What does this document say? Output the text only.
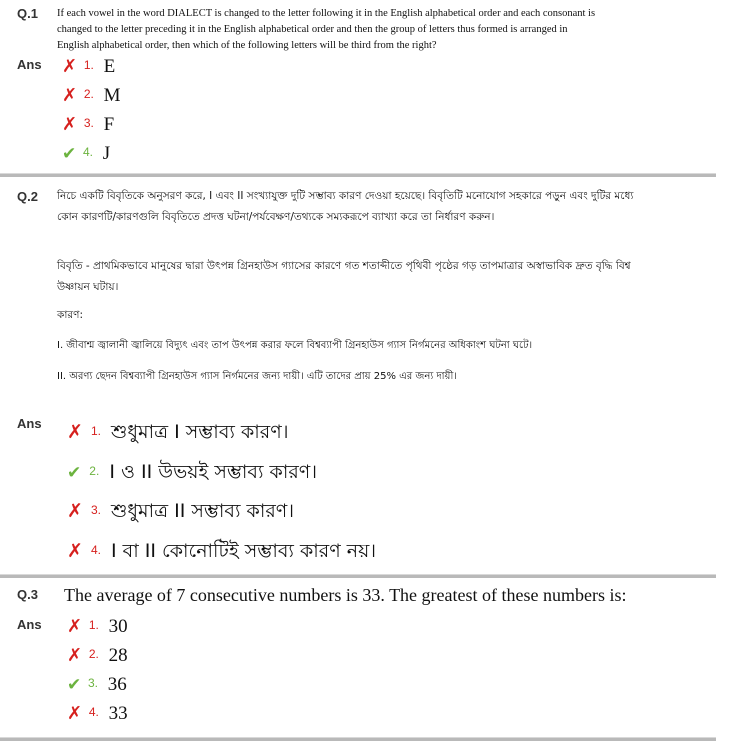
Q.1 If each vowel in the word DIALECT is changed to the letter following it in the English alphabetical order and each consonant is changed to the letter preceding it in the English alphabetical order and then the group of letters thus formed is arranged in English alphabetical order, then which of the following letters will be third from the right?
Ans ✗ 1. E
✗ 2. M
✗ 3. F
✔ 4. J
Q.2 নিচে একটি বিবৃতিকে অনুসরণ করে, I এবং II সংখ্যাযুক্ত দুটি সম্ভাব্য কারণ দেওয়া হয়েছে। বিবৃতিটি মনোযোগ সহকারে পড়ুন এবং দুটির মধ্যে কোন কারণটি/কারণগুলি বিবৃতিতে প্রদত্ত ঘটনা/পর্যবেক্ষণ/তথ্যকে সম্যকরূপে ব্যাখ্যা করে তা নির্ধারণ করুন।
বিবৃতি - প্রাথমিকভাবে মানুষের দ্বারা উৎপন্ন গ্রিনহাউস গ্যাসের কারণে গত শতাব্দীতে পৃথিবী পৃষ্ঠের গড় তাপমাত্রার অস্বাভাবিক দ্রুত বৃদ্ধি বিশ্ব উষ্ণায়ন ঘটায়।
কারণ:
I. জীবাশ্ম জ্বালানী জ্বালিয়ে বিদ্যুৎ এবং তাপ উৎপন্ন করার ফলে বিশ্বব্যাপী গ্রিনহাউস গ্যাস নির্গমনের অধিকাংশ ঘটনা ঘটে।
II. অরণ্য ছেদন বিশ্বব্যাপী গ্রিনহাউস গ্যাস নির্গমনের জন্য দায়ী। এটি তাদের প্রায় 25% এর জন্য দায়ী।
Ans ✗ 1. শুধুমাত্র I সম্ভাব্য কারণ।
✔ 2. I ও II উভয়ই সম্ভাব্য কারণ।
✗ 3. শুধুমাত্র II সম্ভাব্য কারণ।
✗ 4. I বা II কোনোটিই সম্ভাব্য কারণ নয়।
Q.3 The average of 7 consecutive numbers is 33. The greatest of these numbers is:
Ans ✗ 1. 30
✗ 2. 28
✔ 3. 36
✗ 4. 33
